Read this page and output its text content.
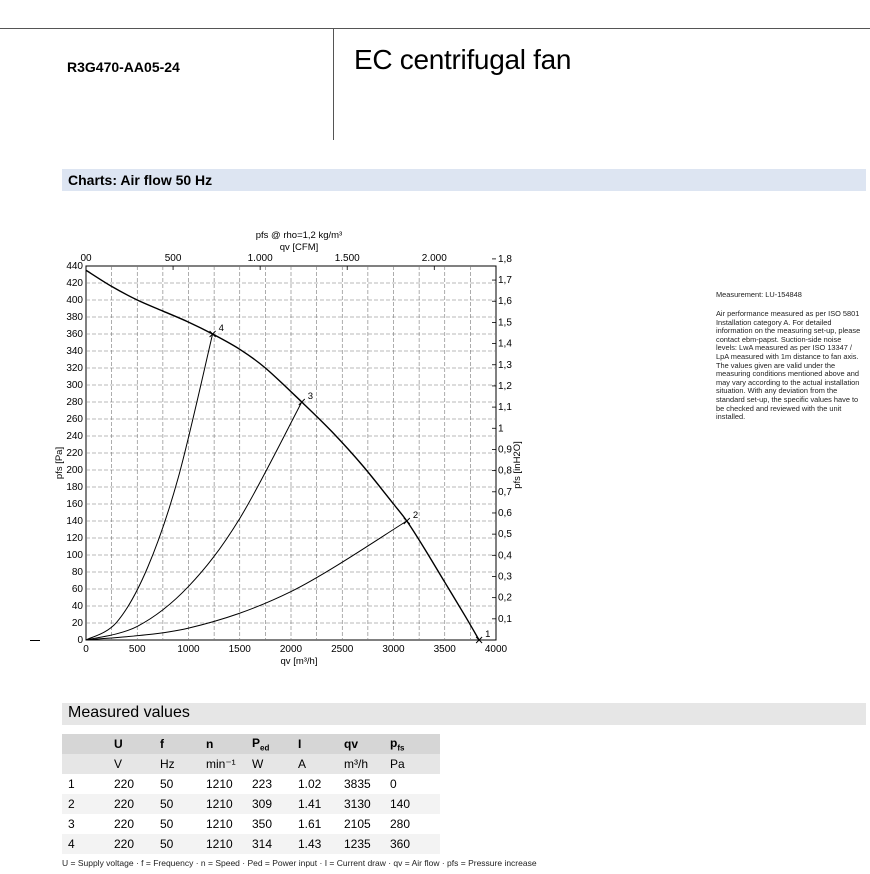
R3G470-AA05-24	EC centrifugal fan
Charts: Air flow 50 Hz
0
20
40
60
80
100
120
140
160
180
200
220
240
260
280
300
320
340
360
380
400
420
440
0	500	1000	1500	2000	2500	3000	3500	4000
00	500	1.000	1.500	2.000
0,1
0,2
0,3
0,4
0,5
0,6
0,7
0,8
0,9
1
1,1
1,2
1,3
1,4
1,5
1,6
1,7
1,8
pfs @ rho=1,2 kg/m³
qv [CFM]
qv [m³/h]
pfs [Pa]	pfs [inH2O]
1
2
3
4
Measurement: LU-154848
Air performance measured as per ISO 5801
Installation category A. For detailed
information on the measuring set-up, please
contact ebm-papst. Suction-side noise
levels: LwA measured as per ISO 13347 /
LpA measured with 1m distance to fan axis.
The values given are valid under the
measuring conditions mentioned above and
may vary according to the actual installation
situation. With any deviation from the
standard set-up, the specific values have to
be checked and reviewed with the unit
installed.
Measured values
	U	f	n	$P_{ed}$	I	qv	$p_{fs}$
	V	Hz	min⁻¹	W	A	m³/h	Pa
1	220	50	1210	223	1.02	3835	0
2	220	50	1210	309	1.41	3130	140
3	220	50	1210	350	1.61	2105	280
4	220	50	1210	314	1.43	1235	360
U = Supply voltage · f = Frequency · n = Speed · Ped = Power input · I = Current draw · qv = Air flow · pfs = Pressure increase
